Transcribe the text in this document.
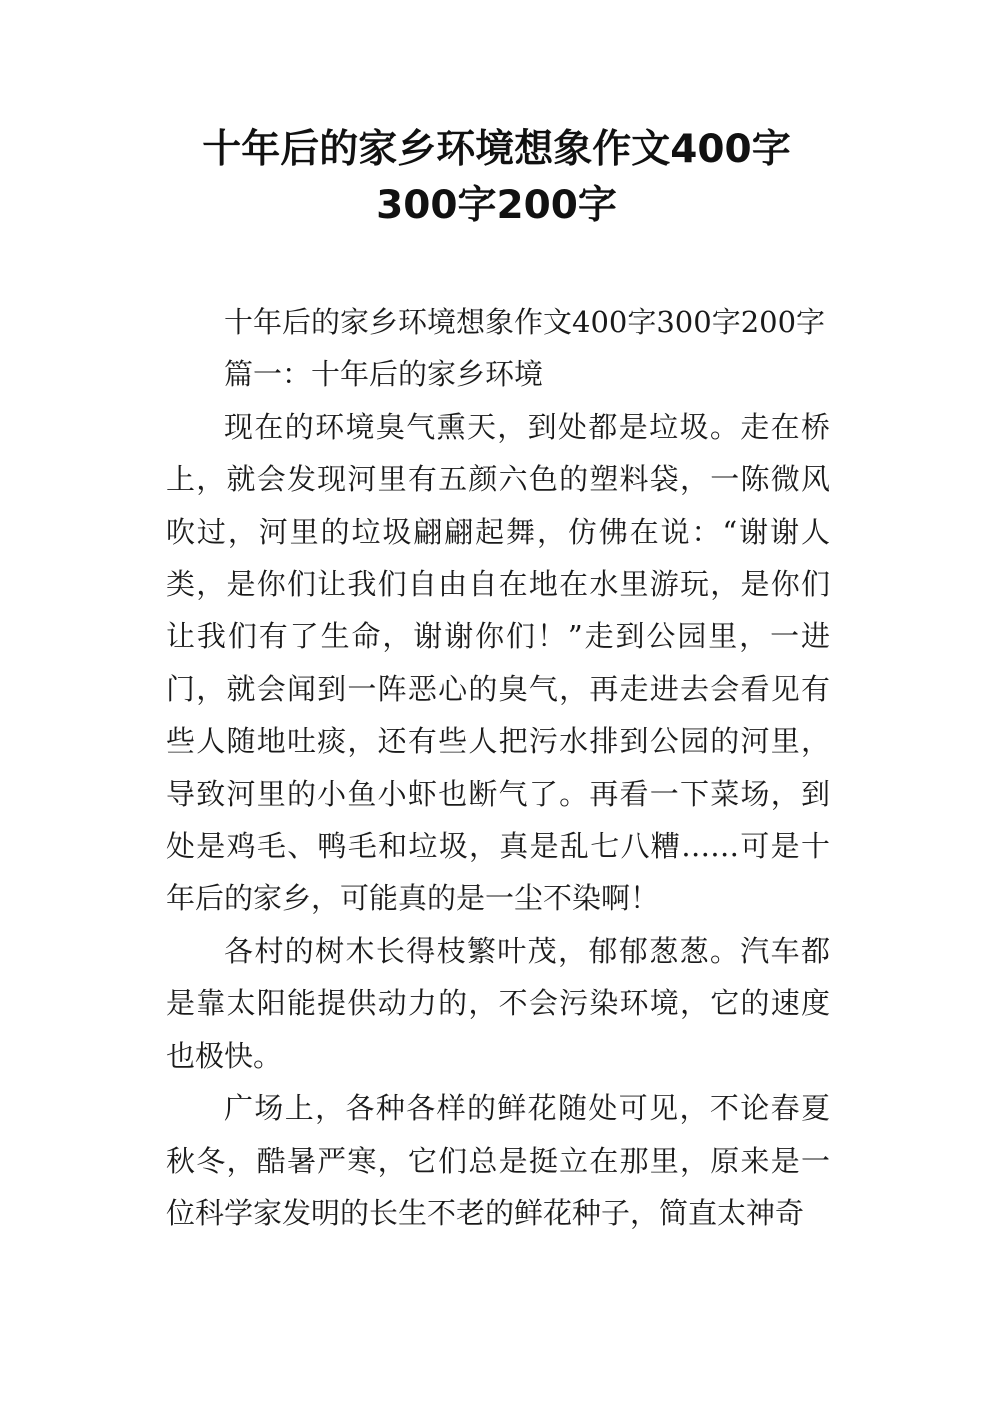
十年后的家乡环境想象作文400字
300字200字

十年后的家乡环境想象作文400字300字200字

篇一：十年后的家乡环境

现在的环境臭气熏天，到处都是垃圾。走在桥上，就会发现河里有五颜六色的塑料袋，一陈微风吹过，河里的垃圾翩翩起舞，仿佛在说：“谢谢人类，是你们让我们自由自在地在水里游玩，是你们让我们有了生命，谢谢你们！”走到公园里，一进门，就会闻到一阵恶心的臭气，再走进去会看见有些人随地吐痰，还有些人把污水排到公园的河里，导致河里的小鱼小虾也断气了。再看一下菜场，到处是鸡毛、鸭毛和垃圾，真是乱七八糟……可是十年后的家乡，可能真的是一尘不染啊！

各村的树木长得枝繁叶茂，郁郁葱葱。汽车都是靠太阳能提供动力的，不会污染环境，它的速度也极快。

广场上，各种各样的鲜花随处可见，不论春夏秋冬，酷暑严寒，它们总是挺立在那里，原来是一位科学家发明的长生不老的鲜花种子，简直太神奇
